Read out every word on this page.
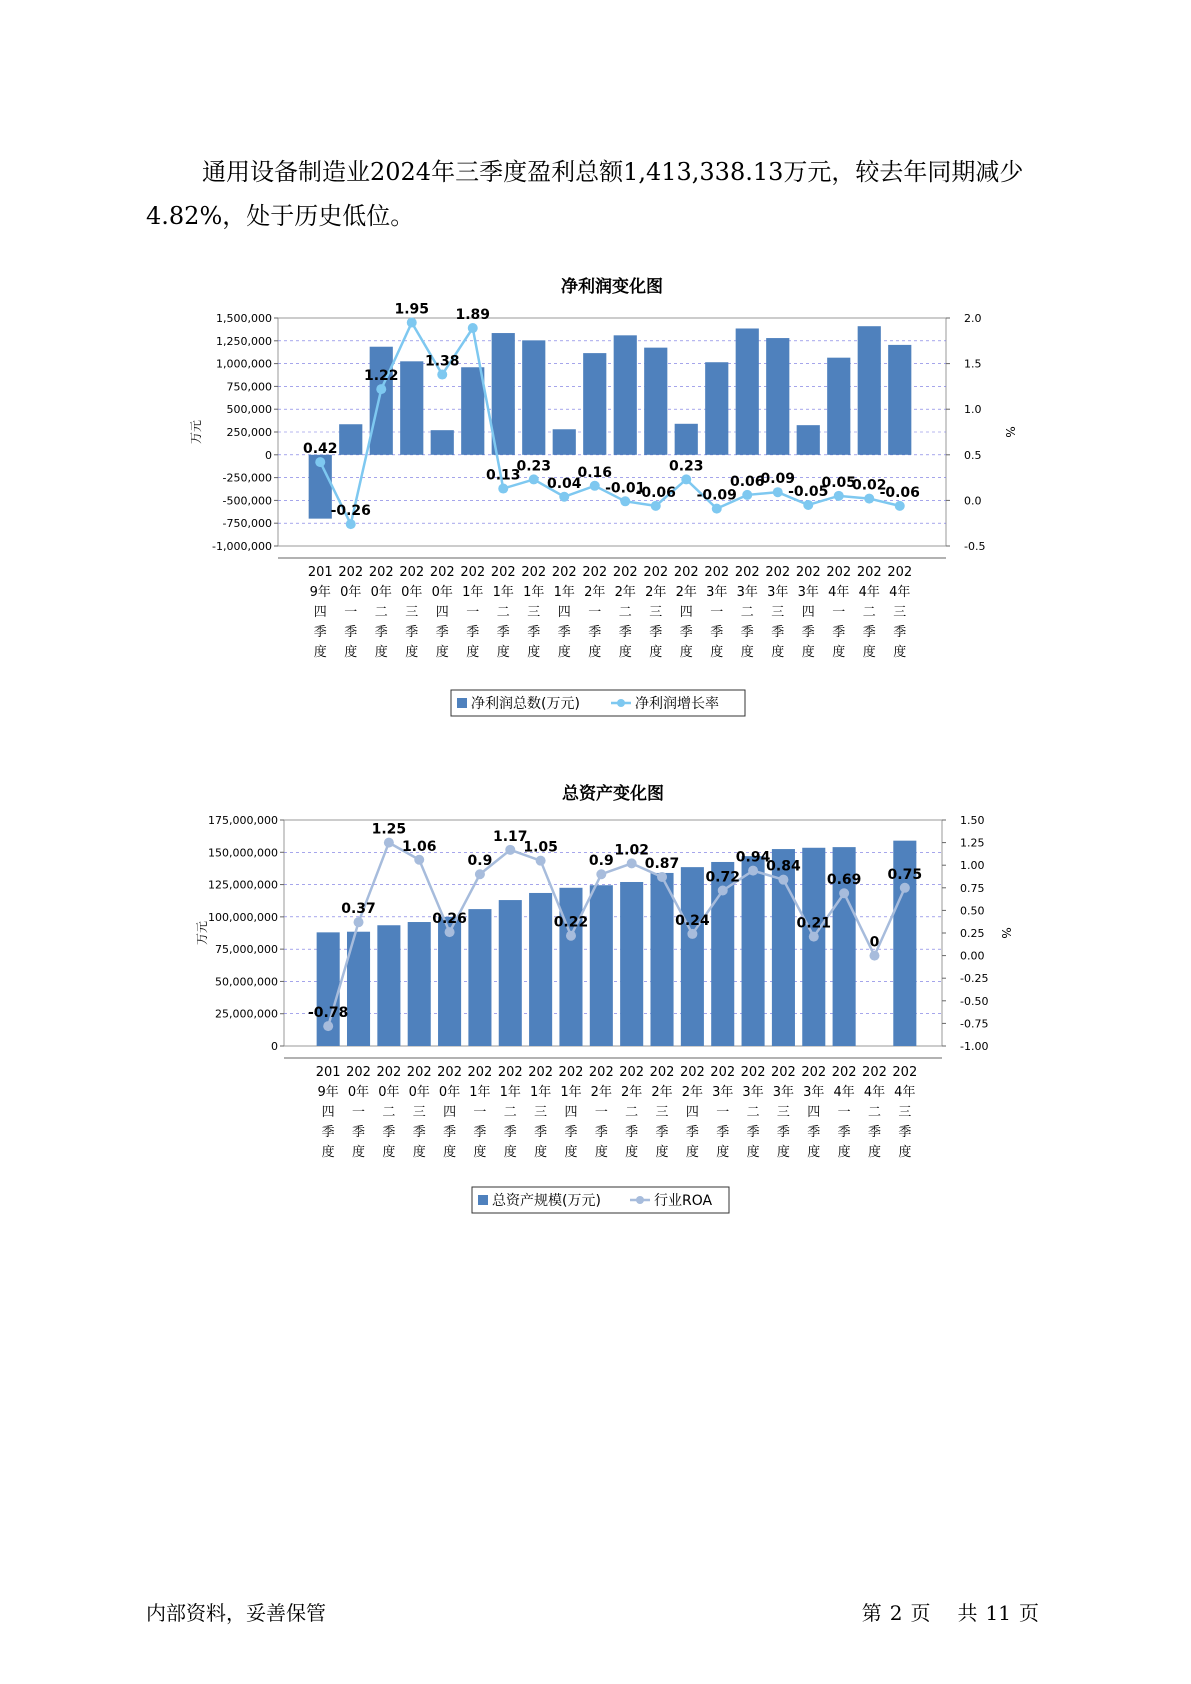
通用设备制造业2024年三季度盈利总额1,413,338.13万元，较去年同期减少4.82%，处于历史低位。

净利润变化图
1,500,000
1,250,000
1,000,000
750,000
500,000
250,000
0
-250,000
-500,000
-750,000
-1,000,000
2.0
1.5
1.0
0.5
0.0
-0.5
万元	%
0.42
-0.26
1.22
1.95
1.38
1.89
0.13
0.23
0.04
0.16
-0.01
-0.06
0.23
-0.09
0.06
0.09
-0.05
0.05
0.02
-0.06
201 9年四季度
202 0年一季度
202 0年二季度
202 0年三季度
202 0年四季度
202 1年一季度
202 1年二季度
202 1年三季度
202 1年四季度
202 2年一季度
202 2年二季度
202 2年三季度
202 2年四季度
202 3年一季度
202 3年二季度
202 3年三季度
202 3年四季度
202 4年一季度
202 4年二季度
202 4年三季度
净利润总数(万元)	净利润增长率
总资产变化图
175,000,000
150,000,000
125,000,000
100,000,000
75,000,000
50,000,000
25,000,000
0
1.50
1.25
1.00
0.75
0.50
0.25
0.00
-0.25
-0.50
-0.75
-1.00
万元	%
-0.78
0.37
1.25
1.06
0.26
0.9
1.17
1.05
0.22
0.9
1.02
0.87
0.24
0.72
0.94
0.84
0.21
0.69
0
0.75
201 9年四季度
202 0年一季度
202 0年二季度
202 0年三季度
202 0年四季度
202 1年一季度
202 1年二季度
202 1年三季度
202 1年四季度
202 2年一季度
202 2年二季度
202 2年三季度
202 2年四季度
202 3年一季度
202 3年二季度
202 3年三季度
202 3年四季度
202 4年一季度
202 4年二季度
202 4年三季度
总资产规模(万元)	行业ROA
内部资料，妥善保管	第 2 页 共 11 页
